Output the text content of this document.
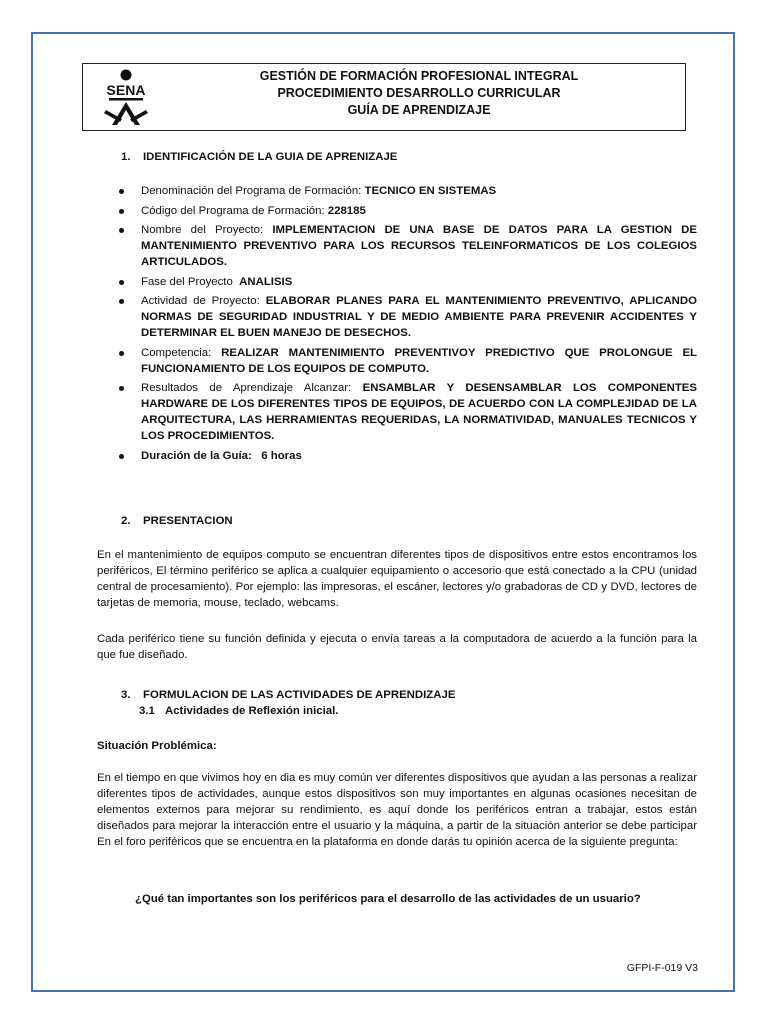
SENA
GESTIÓN DE FORMACIÓN PROFESIONAL INTEGRAL
PROCEDIMIENTO DESARROLLO CURRICULAR
GUÍA DE APRENDIZAJE
1. IDENTIFICACIÓN DE LA GUIA DE APRENIZAJE
Denominación del Programa de Formación: TECNICO EN SISTEMAS
Código del Programa de Formación: 228185
Nombre del Proyecto: IMPLEMENTACION DE UNA BASE DE DATOS PARA LA GESTION DE MANTENIMIENTO PREVENTIVO PARA LOS RECURSOS TELEINFORMATICOS DE LOS COLEGIOS ARTICULADOS.
Fase del Proyecto ANALISIS
Actividad de Proyecto: ELABORAR PLANES PARA EL MANTENIMIENTO PREVENTIVO, APLICANDO NORMAS DE SEGURIDAD INDUSTRIAL Y DE MEDIO AMBIENTE PARA PREVENIR ACCIDENTES Y DETERMINAR EL BUEN MANEJO DE DESECHOS.
Competencia: REALIZAR MANTENIMIENTO PREVENTIVOY PREDICTIVO QUE PROLONGUE EL FUNCIONAMIENTO DE LOS EQUIPOS DE COMPUTO.
Resultados de Aprendizaje Alcanzar: ENSAMBLAR Y DESENSAMBLAR LOS COMPONENTES HARDWARE DE LOS DIFERENTES TIPOS DE EQUIPOS, DE ACUERDO CON LA COMPLEJIDAD DE LA ARQUITECTURA, LAS HERRAMIENTAS REQUERIDAS, LA NORMATIVIDAD, MANUALES TECNICOS Y LOS PROCEDIMIENTOS.
Duración de la Guía: 6 horas
2. PRESENTACION
En el mantenimiento de equipos computo se encuentran diferentes tipos de dispositivos entre estos encontramos los periféricos, El término periférico se aplica a cualquier equipamiento o accesorio que está conectado a la CPU (unidad central de procesamiento). Por ejemplo: las impresoras, el escáner, lectores y/o grabadoras de CD y DVD, lectores de tarjetas de memoria, mouse, teclado, webcams.
Cada periférico tiene su función definida y ejecuta o envía tareas a la computadora de acuerdo a la función para la que fue diseñado.
3. FORMULACION DE LAS ACTIVIDADES DE APRENDIZAJE
3.1 Actividades de Reflexión inicial.
Situación Problémica:
En el tiempo en que vivimos hoy en dia es muy común ver diferentes dispositivos que ayudan a las personas a realizar diferentes tipos de actividades, aunque estos dispositivos son muy importantes en algunas ocasiones necesitan de elementos externos para mejorar su rendimiento, es aquí donde los periféricos entran a trabajar, estos están diseñados para mejorar la interacción entre el usuario y la máquina, a partir de la situación anterior se debe participar En el foro periféricos que se encuentra en la plataforma en donde darás tu opinión acerca de la siguiente pregunta:
¿Qué tan importantes son los periféricos para el desarrollo de las actividades de un usuario?
GFPI-F-019 V3
